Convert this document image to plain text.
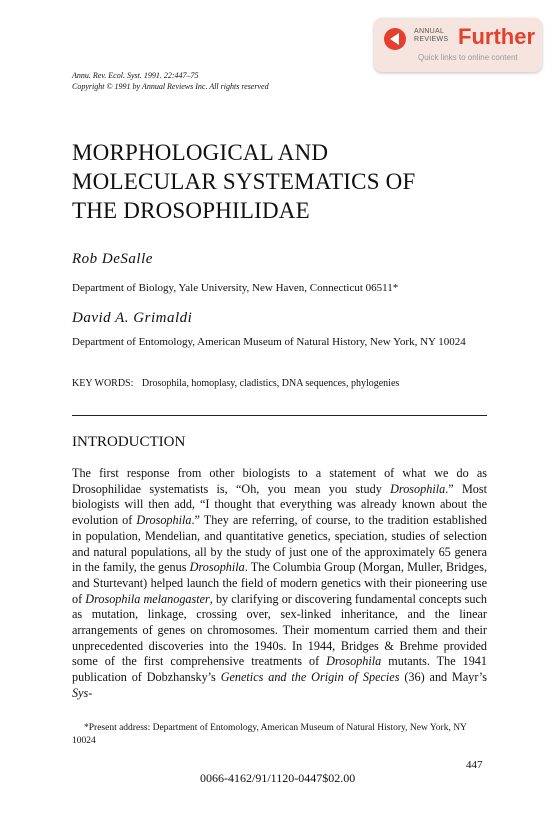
ANNUAL
REVIEWS Further
Quick links to online content
Annu. Rev. Ecol. Syst. 1991. 22:447–75
Copyright © 1991 by Annual Reviews Inc. All rights reserved
MORPHOLOGICAL AND
MOLECULAR SYSTEMATICS OF
THE DROSOPHILIDAE
Rob DeSalle
Department of Biology, Yale University, New Haven, Connecticut 06511*
David A. Grimaldi
Department of Entomology, American Museum of Natural History, New York, NY 10024
KEY WORDS: Drosophila, homoplasy, cladistics, DNA sequences, phylogenies
INTRODUCTION

The first response from other biologists to a statement of what we do as Drosophilidae systematists is, “Oh, you mean you study Drosophila.” Most biologists will then add, “I thought that everything was already known about the evolution of Drosophila.” They are referring, of course, to the tradition established in population, Mendelian, and quantitative genetics, speciation, studies of selection and natural populations, all by the study of just one of the approximately 65 genera in the family, the genus Drosophila. The Columbia Group (Morgan, Muller, Bridges, and Sturtevant) helped launch the field of modern genetics with their pioneering use of Drosophila melanogaster, by clarifying or discovering fundamental concepts such as mutation, linkage, crossing over, sex-linked inheritance, and the linear arrangements of genes on chromosomes. Their momentum carried them and their unprecedented discoveries into the 1940s. In 1944, Bridges & Brehme provided some of the first comprehensive treatments of Drosophila mutants. The 1941 publication of Dobzhansky’s Genetics and the Origin of Species (36) and Mayr’s Sys-

*Present address: Department of Entomology, American Museum of Natural History, New York, NY 10024

447
0066-4162/91/1120-0447$02.00
